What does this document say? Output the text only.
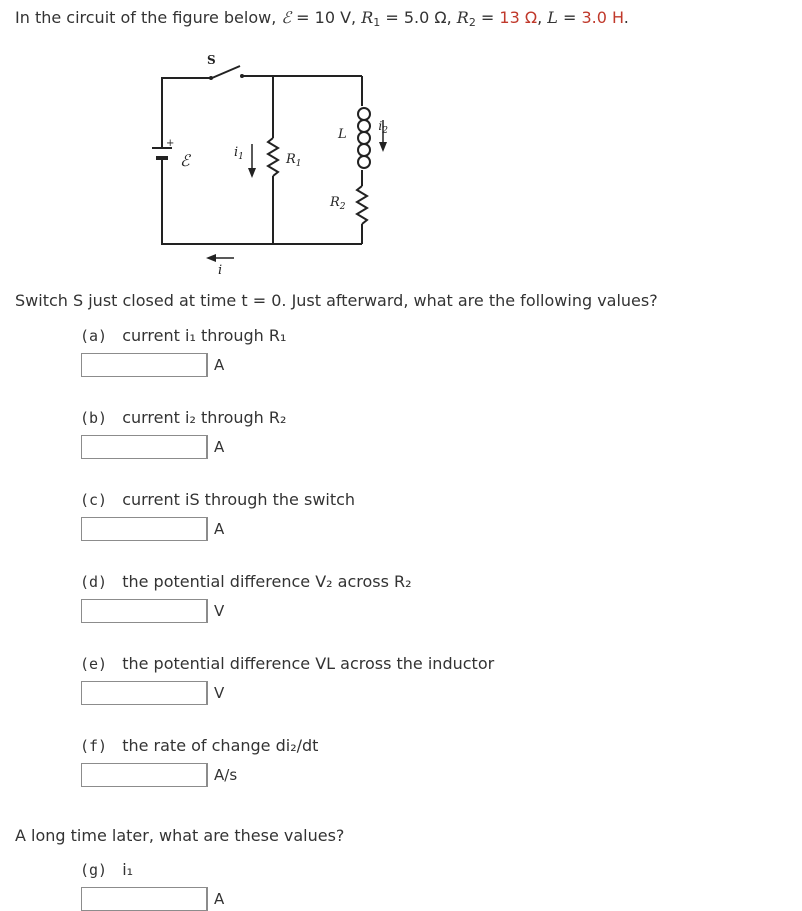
In the circuit of the figure below, ℰ = 10 V, $R_1 = 5.0$ Ω, $R_2 = 13$ Ω, L = 3.0 H.
+
ℰ
S
$i_1$	$R_1$
L
$i_2$
$R_2$
i
Switch S just closed at time t = 0. Just afterward, what are the following values?
(a) current i₁ through R₁
A
(b) current i₂ through R₂
A
(c) current iS through the switch
A
(d) the potential difference V₂ across R₂
V
(e) the potential difference VL across the inductor
V
(f) the rate of change di₂/dt
A/s
A long time later, what are these values?
(g) i₁
A
